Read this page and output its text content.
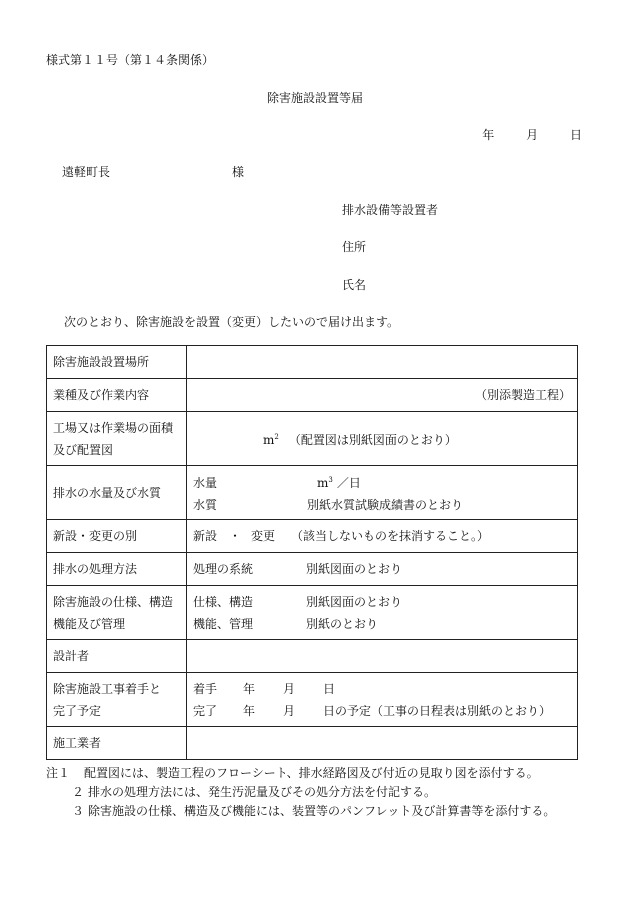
様式第１１号（第１４条関係）
除害施設設置等届
年	月	日
遠軽町長	様
排水設備等設置者
住所
氏名
次のとおり、除害施設を設置（変更）したいので届け出ます。
除害施設設置場所	
業種及び作業内容	（別添製造工程）

工場又は作業場の面積
及び配置図	$m^2$ （配置図は別紙図面のとおり）
排水の水量及び水質	水量 $m^3$ ／日
水質 別紙水質試験成績書のとおり

新設・変更の別	新設 ・ 変更 （該当しないものを抹消すること。）
排水の処理方法	処理の系統 別紙図面のとおり

除害施設の仕様、構造
機能及び管理	仕様、構造 別紙図面のとおり
機能、管理 別紙のとおり

設計者	

除害施設工事着手と
完了予定	着手 年 月 日
完了 年 月 日の予定（工事の日程表は別紙のとおり）

施工業者	
注１ 配置図には、製造工程のフローシート、排水経路図及び付近の見取り図を添付する。
２ 排水の処理方法には、発生汚泥量及びその処分方法を付記する。
３ 除害施設の仕様、構造及び機能には、装置等のパンフレット及び計算書等を添付する。
